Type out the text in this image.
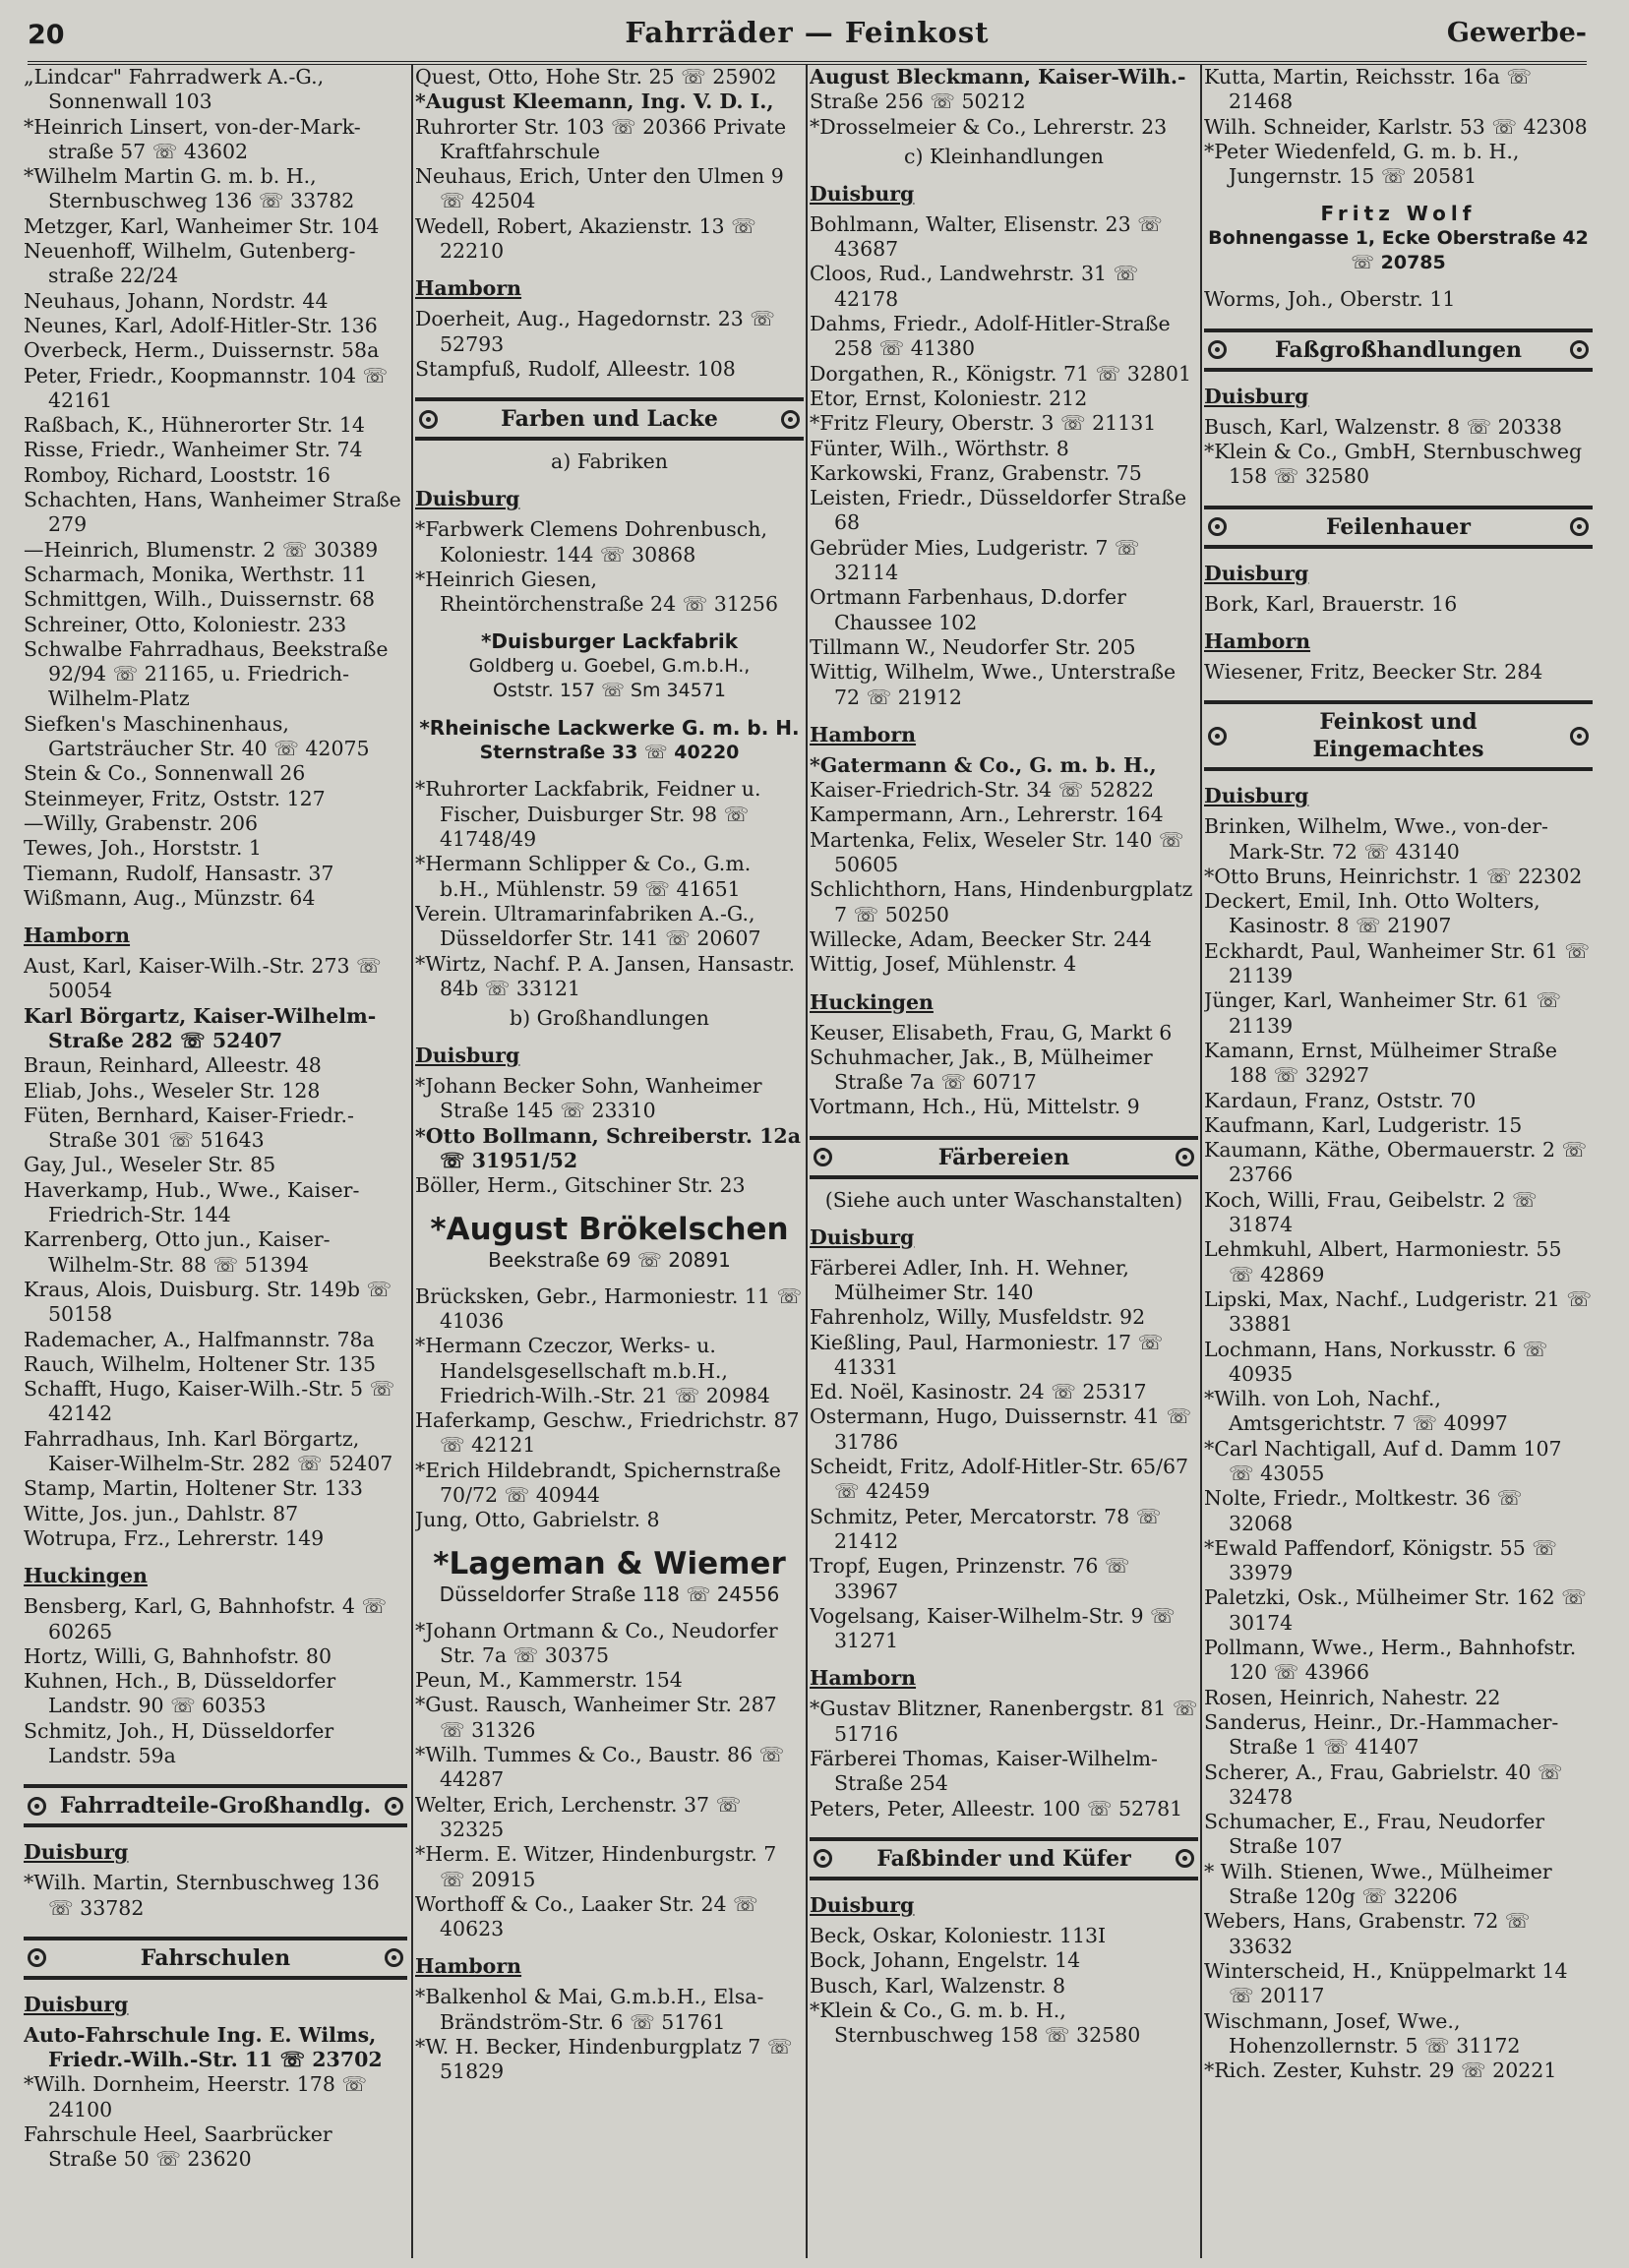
20	Fahrräder — Feinkost	Gewerbe-
„Lindcar" Fahrradwerk A.-G., Sonnenwall 103
*Heinrich Linsert, von-der-Mark-straße 57 ☏ 43602
*Wilhelm Martin G. m. b. H., Sternbuschweg 136 ☏ 33782
Metzger, Karl, Wanheimer Str. 104
Neuenhoff, Wilhelm, Gutenberg-straße 22/24
Neuhaus, Johann, Nordstr. 44
Neunes, Karl, Adolf-Hitler-Str. 136
Overbeck, Herm., Duissernstr. 58a
Peter, Friedr., Koopmannstr. 104 ☏ 42161
Raßbach, K., Hühnerorter Str. 14
Risse, Friedr., Wanheimer Str. 74
Romboy, Richard, Looststr. 16
Schachten, Hans, Wanheimer Straße 279
—Heinrich, Blumenstr. 2 ☏ 30389
Scharmach, Monika, Werthstr. 11
Schmittgen, Wilh., Duissernstr. 68
Schreiner, Otto, Koloniestr. 233
Schwalbe Fahrradhaus, Beekstraße 92/94 ☏ 21165, u. Friedrich-Wilhelm-Platz
Siefken's Maschinenhaus, Gartsträucher Str. 40 ☏ 42075
Stein & Co., Sonnenwall 26
Steinmeyer, Fritz, Oststr. 127
—Willy, Grabenstr. 206
Tewes, Joh., Horststr. 1
Tiemann, Rudolf, Hansastr. 37
Wißmann, Aug., Münzstr. 64
Hamborn
Aust, Karl, Kaiser-Wilh.-Str. 273 ☏ 50054
Karl Börgartz, Kaiser-Wilhelm-Straße 282 ☏ 52407
Braun, Reinhard, Alleestr. 48
Eliab, Johs., Weseler Str. 128
Füten, Bernhard, Kaiser-Friedr.-Straße 301 ☏ 51643
Gay, Jul., Weseler Str. 85
Haverkamp, Hub., Wwe., Kaiser-Friedrich-Str. 144
Karrenberg, Otto jun., Kaiser-Wilhelm-Str. 88 ☏ 51394
Kraus, Alois, Duisburg. Str. 149b ☏ 50158
Rademacher, A., Halfmannstr. 78a
Rauch, Wilhelm, Holtener Str. 135
Schafft, Hugo, Kaiser-Wilh.-Str. 5 ☏ 42142
Fahrradhaus, Inh. Karl Börgartz, Kaiser-Wilhelm-Str. 282 ☏ 52407
Stamp, Martin, Holtener Str. 133
Witte, Jos. jun., Dahlstr. 87
Wotrupa, Frz., Lehrerstr. 149
Huckingen
Bensberg, Karl, G, Bahnhofstr. 4 ☏ 60265
Hortz, Willi, G, Bahnhofstr. 80
Kuhnen, Hch., B, Düsseldorfer Landstr. 90 ☏ 60353
Schmitz, Joh., H, Düsseldorfer Landstr. 59a
Fahrradteile-Großhandlg.
Duisburg
*Wilh. Martin, Sternbuschweg 136 ☏ 33782
Fahrschulen
Duisburg
Auto-Fahrschule Ing. E. Wilms, Friedr.-Wilh.-Str. 11 ☏ 23702
*Wilh. Dornheim, Heerstr. 178 ☏ 24100
Fahrschule Heel, Saarbrücker Straße 50 ☏ 23620
Quest, Otto, Hohe Str. 25 ☏ 25902
*August Kleemann, Ing. V. D. I.,
Ruhrorter Str. 103 ☏ 20366 Private Kraftfahrschule
Neuhaus, Erich, Unter den Ulmen 9 ☏ 42504
Wedell, Robert, Akazienstr. 13 ☏ 22210
Hamborn
Doerheit, Aug., Hagedornstr. 23 ☏ 52793
Stampfuß, Rudolf, Alleestr. 108
Farben und Lacke
a) Fabriken
Duisburg
*Farbwerk Clemens Dohrenbusch, Koloniestr. 144 ☏ 30868
*Heinrich Giesen, Rheintörchenstraße 24 ☏ 31256
*Duisburger Lackfabrik
Goldberg u. Goebel, G.m.b.H.,
Oststr. 157 ☏ Sm 34571
*Rheinische Lackwerke G. m. b. H.
Sternstraße 33 ☏ 40220
*Ruhrorter Lackfabrik, Feidner u. Fischer, Duisburger Str. 98 ☏ 41748/49
*Hermann Schlipper & Co., G.m. b.H., Mühlenstr. 59 ☏ 41651
Verein. Ultramarinfabriken A.-G., Düsseldorfer Str. 141 ☏ 20607
*Wirtz, Nachf. P. A. Jansen, Hansastr. 84b ☏ 33121
b) Großhandlungen
Duisburg
*Johann Becker Sohn, Wanheimer Straße 145 ☏ 23310
*Otto Bollmann, Schreiberstr. 12a ☏ 31951/52
Böller, Herm., Gitschiner Str. 23
*August Brökelschen
Beekstraße 69 ☏ 20891
Brücksken, Gebr., Harmoniestr. 11 ☏ 41036
*Hermann Czeczor, Werks- u. Handelsgesellschaft m.b.H., Friedrich-Wilh.-Str. 21 ☏ 20984
Haferkamp, Geschw., Friedrichstr. 87 ☏ 42121
*Erich Hildebrandt, Spichernstraße 70/72 ☏ 40944
Jung, Otto, Gabrielstr. 8
*Lageman & Wiemer
Düsseldorfer Straße 118 ☏ 24556
*Johann Ortmann & Co., Neudorfer Str. 7a ☏ 30375
Peun, M., Kammerstr. 154
*Gust. Rausch, Wanheimer Str. 287 ☏ 31326
*Wilh. Tummes & Co., Baustr. 86 ☏ 44287
Welter, Erich, Lerchenstr. 37 ☏ 32325
*Herm. E. Witzer, Hindenburgstr. 7 ☏ 20915
Worthoff & Co., Laaker Str. 24 ☏ 40623
Hamborn
*Balkenhol & Mai, G.m.b.H., Elsa-Brändström-Str. 6 ☏ 51761
*W. H. Becker, Hindenburgplatz 7 ☏ 51829
August Bleckmann, Kaiser-Wilh.-
Straße 256 ☏ 50212
*Drosselmeier & Co., Lehrerstr. 23
c) Kleinhandlungen
Duisburg
Bohlmann, Walter, Elisenstr. 23 ☏ 43687
Cloos, Rud., Landwehrstr. 31 ☏ 42178
Dahms, Friedr., Adolf-Hitler-Straße 258 ☏ 41380
Dorgathen, R., Königstr. 71 ☏ 32801
Etor, Ernst, Koloniestr. 212
*Fritz Fleury, Oberstr. 3 ☏ 21131
Fünter, Wilh., Wörthstr. 8
Karkowski, Franz, Grabenstr. 75
Leisten, Friedr., Düsseldorfer Straße 68
Gebrüder Mies, Ludgeristr. 7 ☏ 32114
Ortmann Farbenhaus, D.dorfer Chaussee 102
Tillmann W., Neudorfer Str. 205
Wittig, Wilhelm, Wwe., Unterstraße 72 ☏ 21912
Hamborn
*Gatermann & Co., G. m. b. H.,
Kaiser-Friedrich-Str. 34 ☏ 52822
Kampermann, Arn., Lehrerstr. 164
Martenka, Felix, Weseler Str. 140 ☏ 50605
Schlichthorn, Hans, Hindenburgplatz 7 ☏ 50250
Willecke, Adam, Beecker Str. 244
Wittig, Josef, Mühlenstr. 4
Huckingen
Keuser, Elisabeth, Frau, G, Markt 6
Schuhmacher, Jak., B, Mülheimer Straße 7a ☏ 60717
Vortmann, Hch., Hü, Mittelstr. 9
Färbereien
(Siehe auch unter Waschanstalten)
Duisburg
Färberei Adler, Inh. H. Wehner, Mülheimer Str. 140
Fahrenholz, Willy, Musfeldstr. 92
Kießling, Paul, Harmoniestr. 17 ☏ 41331
Ed. Noël, Kasinostr. 24 ☏ 25317
Ostermann, Hugo, Duissernstr. 41 ☏ 31786
Scheidt, Fritz, Adolf-Hitler-Str. 65/67 ☏ 42459
Schmitz, Peter, Mercatorstr. 78 ☏ 21412
Tropf, Eugen, Prinzenstr. 76 ☏ 33967
Vogelsang, Kaiser-Wilhelm-Str. 9 ☏ 31271
Hamborn
*Gustav Blitzner, Ranenbergstr. 81 ☏ 51716
Färberei Thomas, Kaiser-Wilhelm-Straße 254
Peters, Peter, Alleestr. 100 ☏ 52781
Faßbinder und Küfer
Duisburg
Beck, Oskar, Koloniestr. 113I
Bock, Johann, Engelstr. 14
Busch, Karl, Walzenstr. 8
*Klein & Co., G. m. b. H., Sternbuschweg 158 ☏ 32580
Kutta, Martin, Reichsstr. 16a ☏ 21468
Wilh. Schneider, Karlstr. 53 ☏ 42308
*Peter Wiedenfeld, G. m. b. H., Jungernstr. 15 ☏ 20581
Fritz Wolf
Bohnengasse 1, Ecke Oberstraße 42
☏ 20785
Worms, Joh., Oberstr. 11
Faßgroßhandlungen
Duisburg
Busch, Karl, Walzenstr. 8 ☏ 20338
*Klein & Co., GmbH, Sternbuschweg 158 ☏ 32580
Feilenhauer
Duisburg
Bork, Karl, Brauerstr. 16
Hamborn
Wiesener, Fritz, Beecker Str. 284
Feinkost und Eingemachtes
Duisburg
Brinken, Wilhelm, Wwe., von-der-Mark-Str. 72 ☏ 43140
*Otto Bruns, Heinrichstr. 1 ☏ 22302
Deckert, Emil, Inh. Otto Wolters, Kasinostr. 8 ☏ 21907
Eckhardt, Paul, Wanheimer Str. 61 ☏ 21139
Jünger, Karl, Wanheimer Str. 61 ☏ 21139
Kamann, Ernst, Mülheimer Straße 188 ☏ 32927
Kardaun, Franz, Oststr. 70
Kaufmann, Karl, Ludgeristr. 15
Kaumann, Käthe, Obermauerstr. 2 ☏ 23766
Koch, Willi, Frau, Geibelstr. 2 ☏ 31874
Lehmkuhl, Albert, Harmoniestr. 55 ☏ 42869
Lipski, Max, Nachf., Ludgeristr. 21 ☏ 33881
Lochmann, Hans, Norkusstr. 6 ☏ 40935
*Wilh. von Loh, Nachf., Amtsgerichtstr. 7 ☏ 40997
*Carl Nachtigall, Auf d. Damm 107 ☏ 43055
Nolte, Friedr., Moltkestr. 36 ☏ 32068
*Ewald Paffendorf, Königstr. 55 ☏ 33979
Paletzki, Osk., Mülheimer Str. 162 ☏ 30174
Pollmann, Wwe., Herm., Bahnhofstr. 120 ☏ 43966
Rosen, Heinrich, Nahestr. 22
Sanderus, Heinr., Dr.-Hammacher-Straße 1 ☏ 41407
Scherer, A., Frau, Gabrielstr. 40 ☏ 32478
Schumacher, E., Frau, Neudorfer Straße 107
* Wilh. Stienen, Wwe., Mülheimer Straße 120g ☏ 32206
Webers, Hans, Grabenstr. 72 ☏ 33632
Winterscheid, H., Knüppelmarkt 14 ☏ 20117
Wischmann, Josef, Wwe., Hohenzollernstr. 5 ☏ 31172
*Rich. Zester, Kuhstr. 29 ☏ 20221
